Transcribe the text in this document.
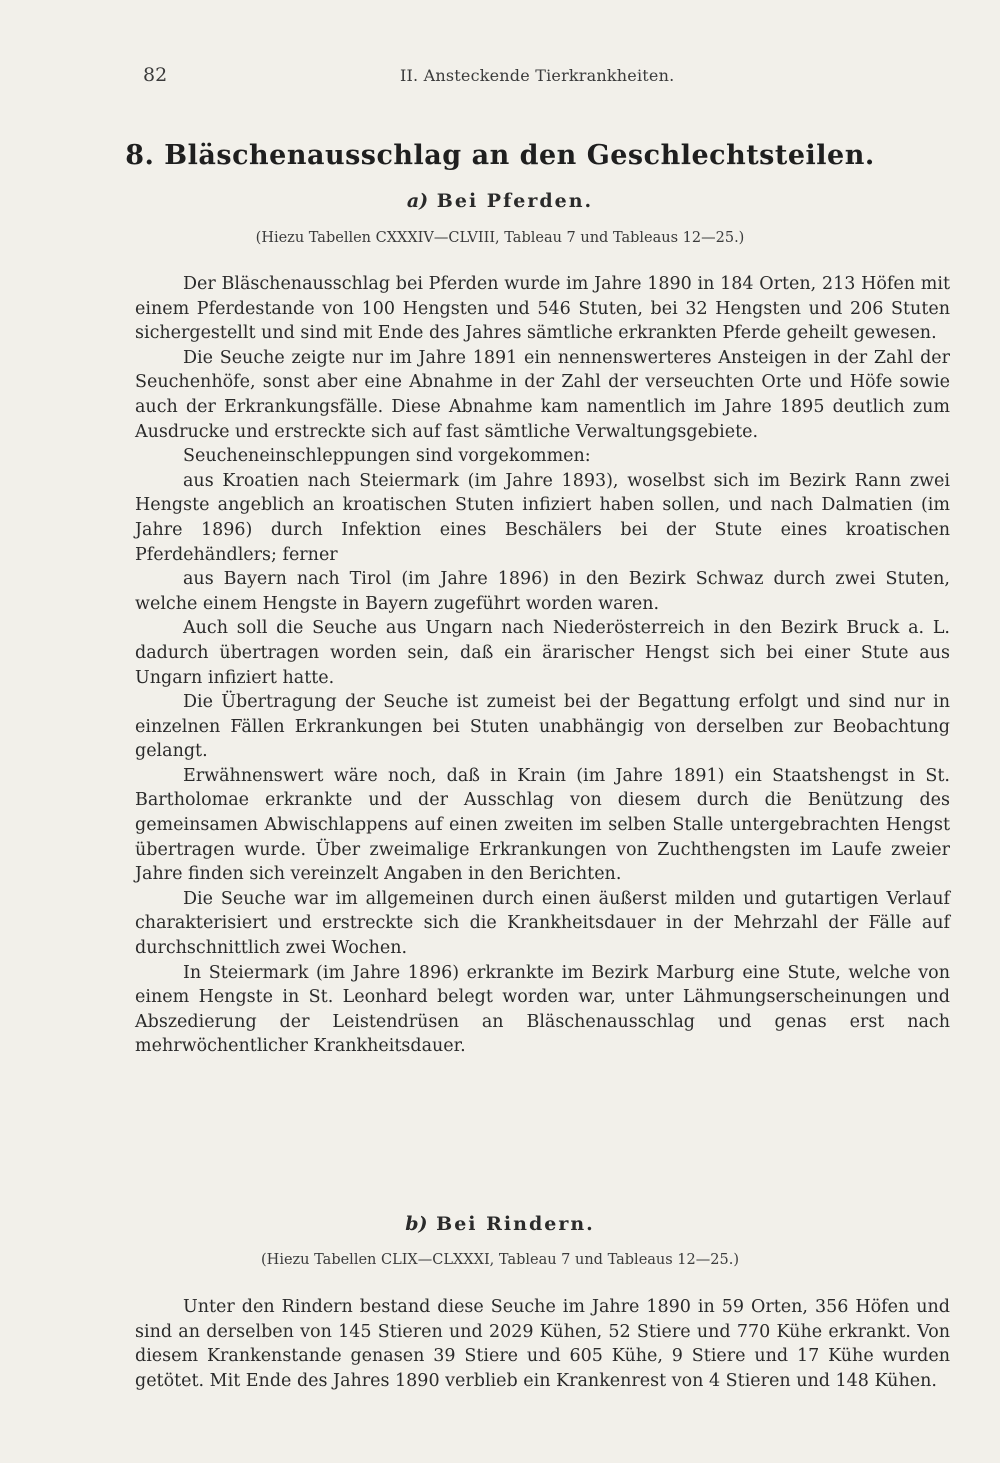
82	II. Ansteckende Tierkrankheiten.
8. Bläschenausschlag an den Geschlechtsteilen.
a) Bei Pferden.
(Hiezu Tabellen CXXXIV—CLVIII, Tableau 7 und Tableaus 12—25.)

Der Bläschenausschlag bei Pferden wurde im Jahre 1890 in 184 Orten, 213 Höfen mit einem Pferdestande von 100 Hengsten und 546 Stuten, bei 32 Hengsten und 206 Stuten sichergestellt und sind mit Ende des Jahres sämtliche erkrankten Pferde geheilt gewesen.

Die Seuche zeigte nur im Jahre 1891 ein nennenswerteres Ansteigen in der Zahl der Seuchenhöfe, sonst aber eine Abnahme in der Zahl der verseuchten Orte und Höfe sowie auch der Erkrankungsfälle. Diese Abnahme kam namentlich im Jahre 1895 deutlich zum Ausdrucke und erstreckte sich auf fast sämtliche Verwaltungsgebiete.

Seucheneinschleppungen sind vorgekommen:

aus Kroatien nach Steiermark (im Jahre 1893), woselbst sich im Bezirk Rann zwei Hengste angeblich an kroatischen Stuten infiziert haben sollen, und nach Dalmatien (im Jahre 1896) durch Infektion eines Beschälers bei der Stute eines kroatischen Pferdehändlers; ferner

aus Bayern nach Tirol (im Jahre 1896) in den Bezirk Schwaz durch zwei Stuten, welche einem Hengste in Bayern zugeführt worden waren.

Auch soll die Seuche aus Ungarn nach Niederösterreich in den Bezirk Bruck a. L. dadurch übertragen worden sein, daß ein ärarischer Hengst sich bei einer Stute aus Ungarn infiziert hatte.

Die Übertragung der Seuche ist zumeist bei der Begattung erfolgt und sind nur in einzelnen Fällen Erkrankungen bei Stuten unabhängig von derselben zur Beobachtung gelangt.

Erwähnenswert wäre noch, daß in Krain (im Jahre 1891) ein Staatshengst in St. Bartholomae erkrankte und der Ausschlag von diesem durch die Benützung des gemeinsamen Abwischlappens auf einen zweiten im selben Stalle untergebrachten Hengst übertragen wurde. Über zweimalige Erkrankungen von Zuchthengsten im Laufe zweier Jahre finden sich vereinzelt Angaben in den Berichten.

Die Seuche war im allgemeinen durch einen äußerst milden und gutartigen Verlauf charakterisiert und erstreckte sich die Krankheitsdauer in der Mehrzahl der Fälle auf durchschnittlich zwei Wochen.

In Steiermark (im Jahre 1896) erkrankte im Bezirk Marburg eine Stute, welche von einem Hengste in St. Leonhard belegt worden war, unter Lähmungserscheinungen und Abszedierung der Leistendrüsen an Bläschenausschlag und genas erst nach mehrwöchentlicher Krankheitsdauer.

b) Bei Rindern.
(Hiezu Tabellen CLIX—CLXXXI, Tableau 7 und Tableaus 12—25.)

Unter den Rindern bestand diese Seuche im Jahre 1890 in 59 Orten, 356 Höfen und sind an derselben von 145 Stieren und 2029 Kühen, 52 Stiere und 770 Kühe erkrankt. Von diesem Krankenstande genasen 39 Stiere und 605 Kühe, 9 Stiere und 17 Kühe wurden getötet. Mit Ende des Jahres 1890 verblieb ein Krankenrest von 4 Stieren und 148 Kühen.
